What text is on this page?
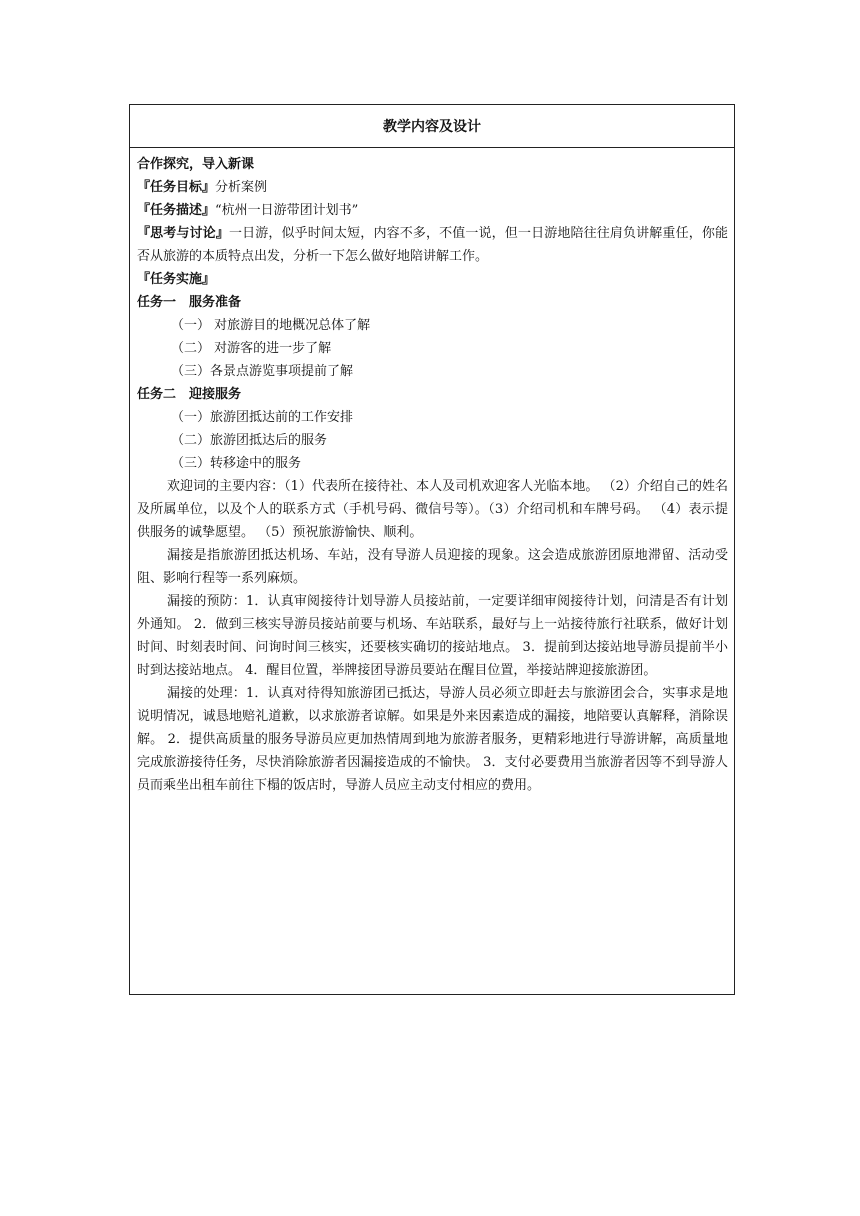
教学内容及设计

合作探究，导入新课

『任务目标』分析案例

『任务描述』“杭州一日游带团计划书”

『思考与讨论』一日游，似乎时间太短，内容不多，不值一说，但一日游地陪往往肩负讲解重任，你能否从旅游的本质特点出发，分析一下怎么做好地陪讲解工作。

『任务实施』

任务一　服务准备

（一） 对旅游目的地概况总体了解

（二） 对游客的进一步了解

（三）各景点游览事项提前了解

任务二　迎接服务

（一）旅游团抵达前的工作安排

（二）旅游团抵达后的服务

（三）转移途中的服务

欢迎词的主要内容：（1）代表所在接待社、本人及司机欢迎客人光临本地。 （2）介绍自己的姓名及所属单位，以及个人的联系方式（手机号码、微信号等）。（3）介绍司机和车牌号码。 （4）表示提供服务的诚挚愿望。 （5）预祝旅游愉快、顺利。

漏接是指旅游团抵达机场、车站，没有导游人员迎接的现象。这会造成旅游团原地滞留、活动受阻、影响行程等一系列麻烦。

漏接的预防：1．认真审阅接待计划导游人员接站前，一定要详细审阅接待计划，问清是否有计划外通知。 2．做到三核实导游员接站前要与机场、车站联系，最好与上一站接待旅行社联系，做好计划时间、时刻表时间、问询时间三核实，还要核实确切的接站地点。 3．提前到达接站地导游员提前半小时到达接站地点。 4．醒目位置，举牌接团导游员要站在醒目位置，举接站牌迎接旅游团。

漏接的处理：1．认真对待得知旅游团已抵达，导游人员必须立即赶去与旅游团会合，实事求是地说明情况，诚恳地赔礼道歉，以求旅游者谅解。如果是外来因素造成的漏接，地陪要认真解释，消除误解。 2．提供高质量的服务导游员应更加热情周到地为旅游者服务，更精彩地进行导游讲解，高质量地完成旅游接待任务，尽快消除旅游者因漏接造成的不愉快。 3．支付必要费用当旅游者因等不到导游人员而乘坐出租车前往下榻的饭店时，导游人员应主动支付相应的费用。
